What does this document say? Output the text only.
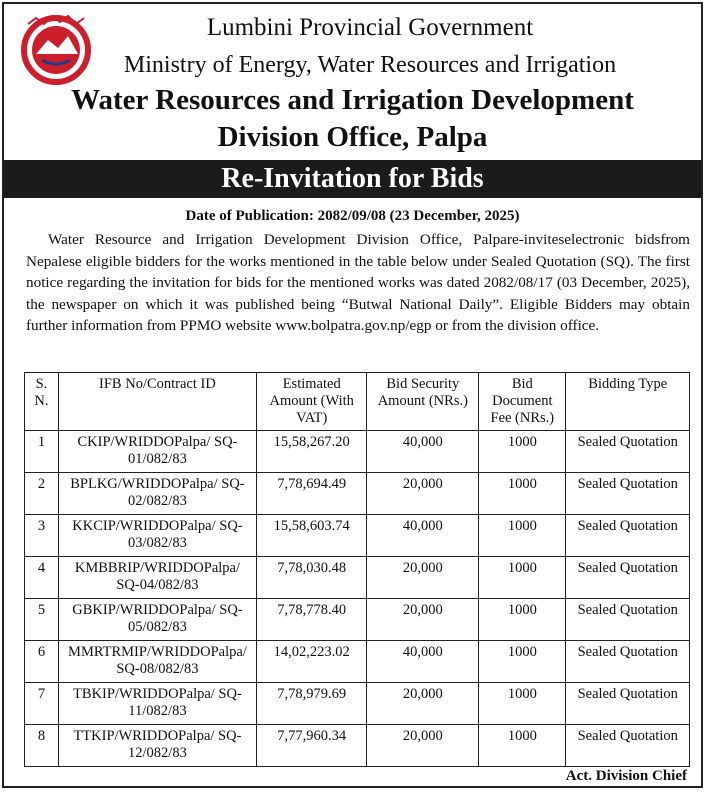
Lumbini Provincial Government
Ministry of Energy, Water Resources and Irrigation
Water Resources and Irrigation Development
Division Office, Palpa
Re-Invitation for Bids
Date of Publication: 2082/09/08 (23 December, 2025)
Water Resource and Irrigation Development Division Office, Palpare-inviteselectronic bidsfrom Nepalese eligible bidders for the works mentioned in the table below under Sealed Quotation (SQ). The first notice regarding the invitation for bids for the mentioned works was dated 2082/08/17 (03 December, 2025), the newspaper on which it was published being “Butwal National Daily”. Eligible Bidders may obtain further information from PPMO website www.bolpatra.gov.np/egp or from the division office.
S. N.	IFB No/Contract ID	Estimated Amount (With VAT)	Bid Security Amount (NRs.)	Bid Document Fee (NRs.)	Bidding Type
1	CKIP/WRIDDOPalpa/ SQ-01/082/83	15,58,267.20	40,000	1000	Sealed Quotation
2	BPLKG/WRIDDOPalpa/ SQ-02/082/83	7,78,694.49	20,000	1000	Sealed Quotation
3	KKCIP/WRIDDOPalpa/ SQ-03/082/83	15,58,603.74	40,000	1000	Sealed Quotation
4	KMBBRIP/WRIDDOPalpa/ SQ-04/082/83	7,78,030.48	20,000	1000	Sealed Quotation
5	GBKIP/WRIDDOPalpa/ SQ-05/082/83	7,78,778.40	20,000	1000	Sealed Quotation
6	MMRTRMIP/WRIDDOPalpa/ SQ-08/082/83	14,02,223.02	40,000	1000	Sealed Quotation
7	TBKIP/WRIDDOPalpa/ SQ-11/082/83	7,78,979.69	20,000	1000	Sealed Quotation
8	TTKIP/WRIDDOPalpa/ SQ-12/082/83	7,77,960.34	20,000	1000	Sealed Quotation
Act. Division Chief
